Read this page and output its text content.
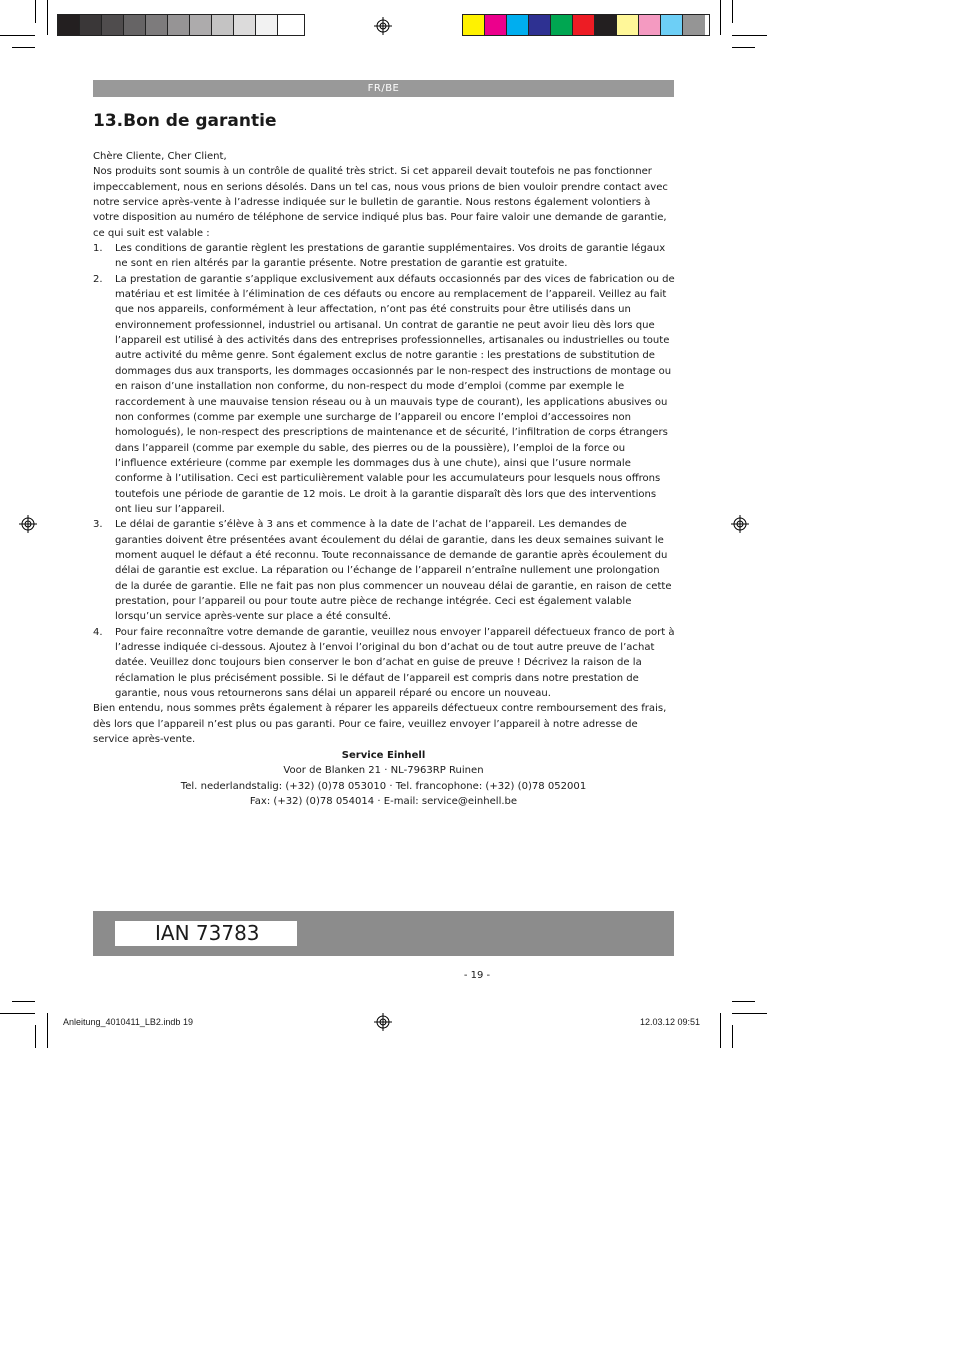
FR/BE
13.Bon de garantie

Chère Cliente, Cher Client,

Nos produits sont soumis à un contrôle de qualité très strict. Si cet appareil devait toutefois ne pas fonctionner impeccablement, nous en serions désolés. Dans un tel cas, nous vous prions de bien vouloir prendre contact avec notre service après-vente à l’adresse indiquée sur le bulletin de garantie. Nous restons également volontiers à votre disposition au numéro de téléphone de service indiqué plus bas. Pour faire valoir une demande de garantie, ce qui suit est valable :

1. Les conditions de garantie règlent les prestations de garantie supplémentaires. Vos droits de garantie légaux ne sont en rien altérés par la garantie présente. Notre prestation de garantie est gratuite.
2. La prestation de garantie s’applique exclusivement aux défauts occasionnés par des vices de fabrication ou de matériau et est limitée à l’élimination de ces défauts ou encore au remplacement de l’appareil. Veillez au fait que nos appareils, conformément à leur affectation, n’ont pas été construits pour être utilisés dans un environnement professionnel, industriel ou artisanal. Un contrat de garantie ne peut avoir lieu dès lors que l’appareil est utilisé à des activités dans des entreprises professionnelles, artisanales ou industrielles ou toute autre activité du même genre. Sont également exclus de notre garantie : les prestations de substitution de dommages dus aux transports, les dommages occasionnés par le non-respect des instructions de montage ou en raison d’une installation non conforme, du non-respect du mode d’emploi (comme par exemple le raccordement à une mauvaise tension réseau ou à un mauvais type de courant), les applications abusives ou non conformes (comme par exemple une surcharge de l’appareil ou encore l’emploi d’accessoires non homologués), le non-respect des prescriptions de maintenance et de sécurité, l’infiltration de corps étrangers dans l’appareil (comme par exemple du sable, des pierres ou de la poussière), l’emploi de la force ou l’influence extérieure (comme par exemple les dommages dus à une chute), ainsi que l’usure normale conforme à l’utilisation. Ceci est particulièrement valable pour les accumulateurs pour lesquels nous offrons toutefois une période de garantie de 12 mois. Le droit à la garantie disparaît dès lors que des interventions ont lieu sur l’appareil.
3. Le délai de garantie s’élève à 3 ans et commence à la date de l’achat de l’appareil. Les demandes de garanties doivent être présentées avant écoulement du délai de garantie, dans les deux semaines suivant le moment auquel le défaut a été reconnu. Toute reconnaissance de demande de garantie après écoulement du délai de garantie est exclue. La réparation ou l’échange de l’appareil n’entraîne nullement une prolongation de la durée de garantie. Elle ne fait pas non plus commencer un nouveau délai de garantie, en raison de cette prestation, pour l’appareil ou pour toute autre pièce de rechange intégrée. Ceci est également valable lorsqu’un service après-vente sur place a été consulté.
4. Pour faire reconnaître votre demande de garantie, veuillez nous envoyer l’appareil défectueux franco de port à l’adresse indiquée ci-dessous. Ajoutez à l’envoi l’original du bon d’achat ou de tout autre preuve de l’achat datée. Veuillez donc toujours bien conserver le bon d’achat en guise de preuve ! Décrivez la raison de la réclamation le plus précisément possible. Si le défaut de l’appareil est compris dans notre prestation de garantie, nous vous retournerons sans délai un appareil réparé ou encore un nouveau.

Bien entendu, nous sommes prêts également à réparer les appareils défectueux contre remboursement des frais, dès lors que l’appareil n’est plus ou pas garanti. Pour ce faire, veuillez envoyer l’appareil à notre adresse de service après-vente.

Service Einhell
Voor de Blanken 21 · NL-7963RP Ruinen
Tel. nederlandstalig: (+32) (0)78 053010 · Tel. francophone: (+32) (0)78 052001
Fax: (+32) (0)78 054014 · E-mail: service@einhell.be
IAN 73783
- 19 -
Anleitung_4010411_LB2.indb 19	12.03.12 09:51
